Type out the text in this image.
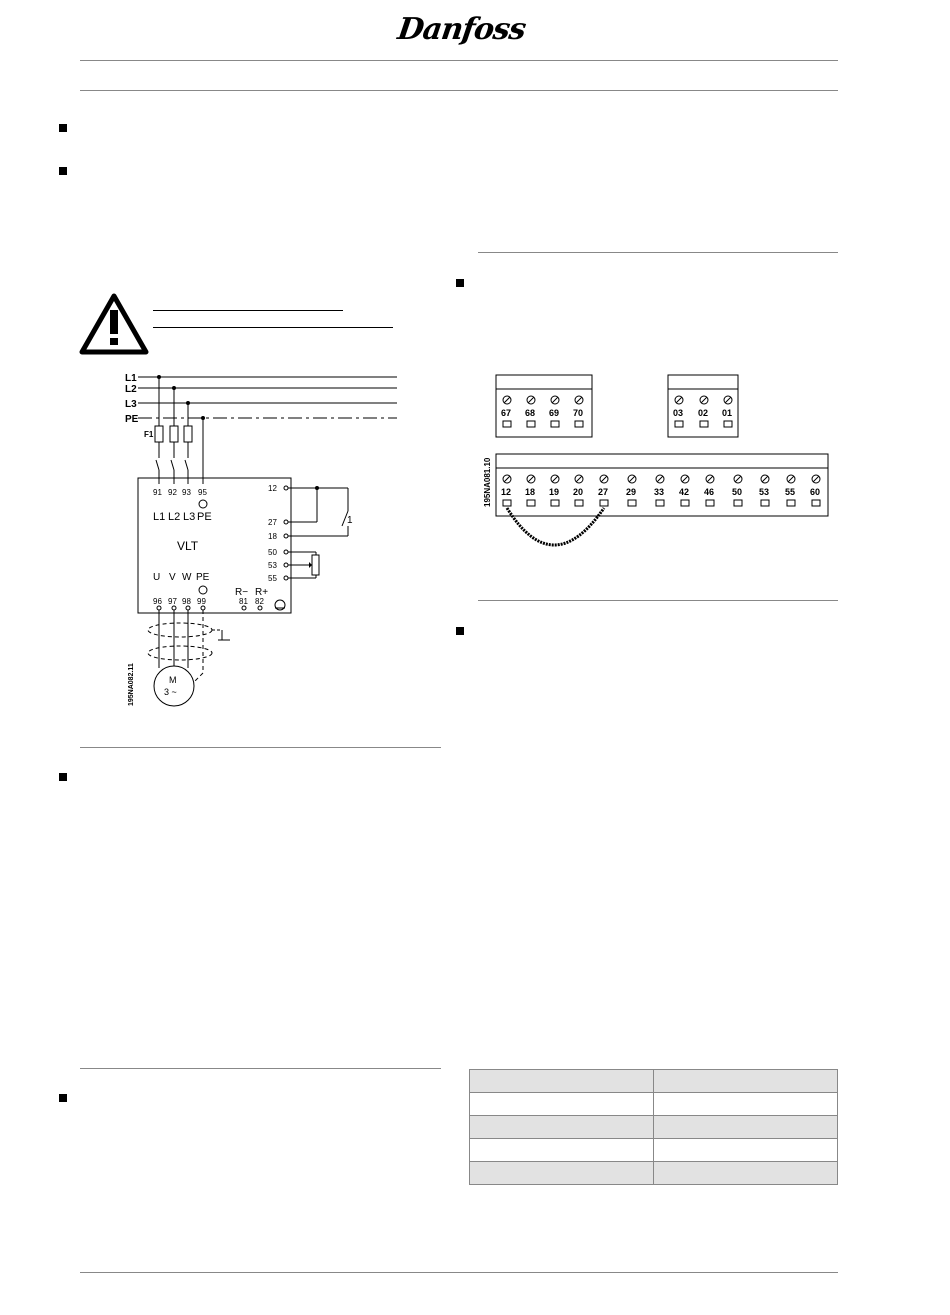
Danfoss
L1
L2
L3
PE
F1
91 92 93 95
L1 L2 L3 PE
VLT
12
27
18
50
53
55
1
U V W PE
R− R+
96 97 98 99	81 82
M
3 ~
195NA082.11
67 68 69 70	03 02 01
12 18 19 20 27 29 33 42 46 50 53 55 60
195NA081.10
